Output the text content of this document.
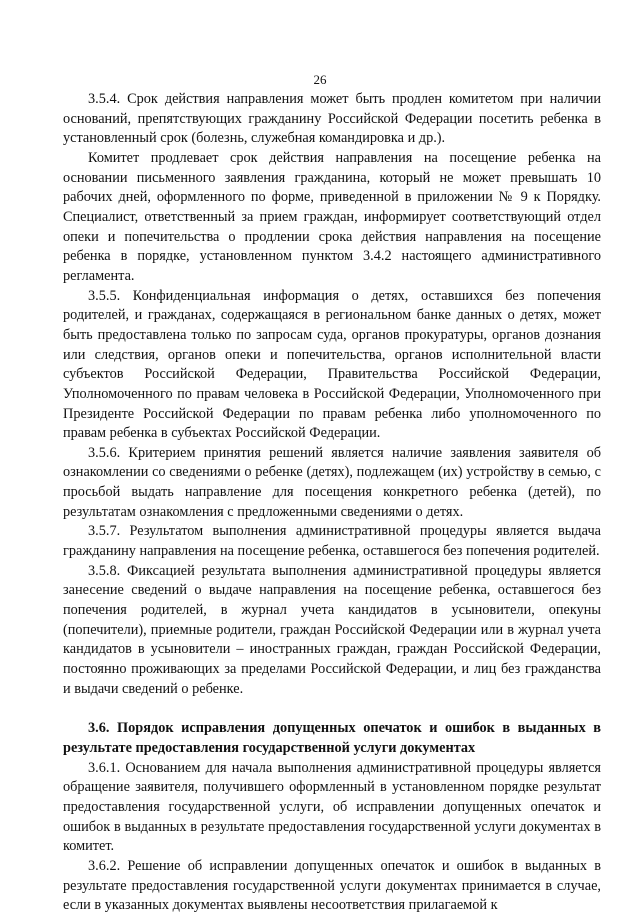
26

3.5.4. Срок действия направления может быть продлен комитетом при наличии оснований, препятствующих гражданину Российской Федерации посетить ребенка в установленный срок (болезнь, служебная командировка и др.).

Комитет продлевает срок действия направления на посещение ребенка на основании письменного заявления гражданина, который не может превышать 10 рабочих дней, оформленного по форме, приведенной в приложении № 9 к Порядку. Специалист, ответственный за прием граждан, информирует соответствующий отдел опеки и попечительства о продлении срока действия направления на посещение ребенка в порядке, установленном пунктом 3.4.2 настоящего административного регламента.

3.5.5. Конфиденциальная информация о детях, оставшихся без попечения родителей, и гражданах, содержащаяся в региональном банке данных о детях, может быть предоставлена только по запросам суда, органов прокуратуры, органов дознания или следствия, органов опеки и попечительства, органов исполнительной власти субъектов Российской Федерации, Правительства Российской Федерации, Уполномоченного по правам человека в Российской Федерации, Уполномоченного при Президенте Российской Федерации по правам ребенка либо уполномоченного по правам ребенка в субъектах Российской Федерации.

3.5.6. Критерием принятия решений является наличие заявления заявителя об ознакомлении со сведениями о ребенке (детях), подлежащем (их) устройству в семью, с просьбой выдать направление для посещения конкретного ребенка (детей), по результатам ознакомления с предложенными сведениями о детях.

3.5.7. Результатом выполнения административной процедуры является выдача гражданину направления на посещение ребенка, оставшегося без попечения родителей.

3.5.8. Фиксацией результата выполнения административной процедуры является занесение сведений о выдаче направления на посещение ребенка, оставшегося без попечения родителей, в журнал учета кандидатов в усыновители, опекуны (попечители), приемные родители, граждан Российской Федерации или в журнал учета кандидатов в усыновители – иностранных граждан, граждан Российской Федерации, постоянно проживающих за пределами Российской Федерации, и лиц без гражданства и выдачи сведений о ребенке.

3.6. Порядок исправления допущенных опечаток и ошибок в выданных в результате предоставления государственной услуги документах

3.6.1. Основанием для начала выполнения административной процедуры является обращение заявителя, получившего оформленный в установленном порядке результат предоставления государственной услуги, об исправлении допущенных опечаток и ошибок в выданных в результате предоставления государственной услуги документах в комитет.

3.6.2. Решение об исправлении допущенных опечаток и ошибок в выданных в результате предоставления государственной услуги документах принимается в случае, если в указанных документах выявлены несоответствия прилагаемой к
